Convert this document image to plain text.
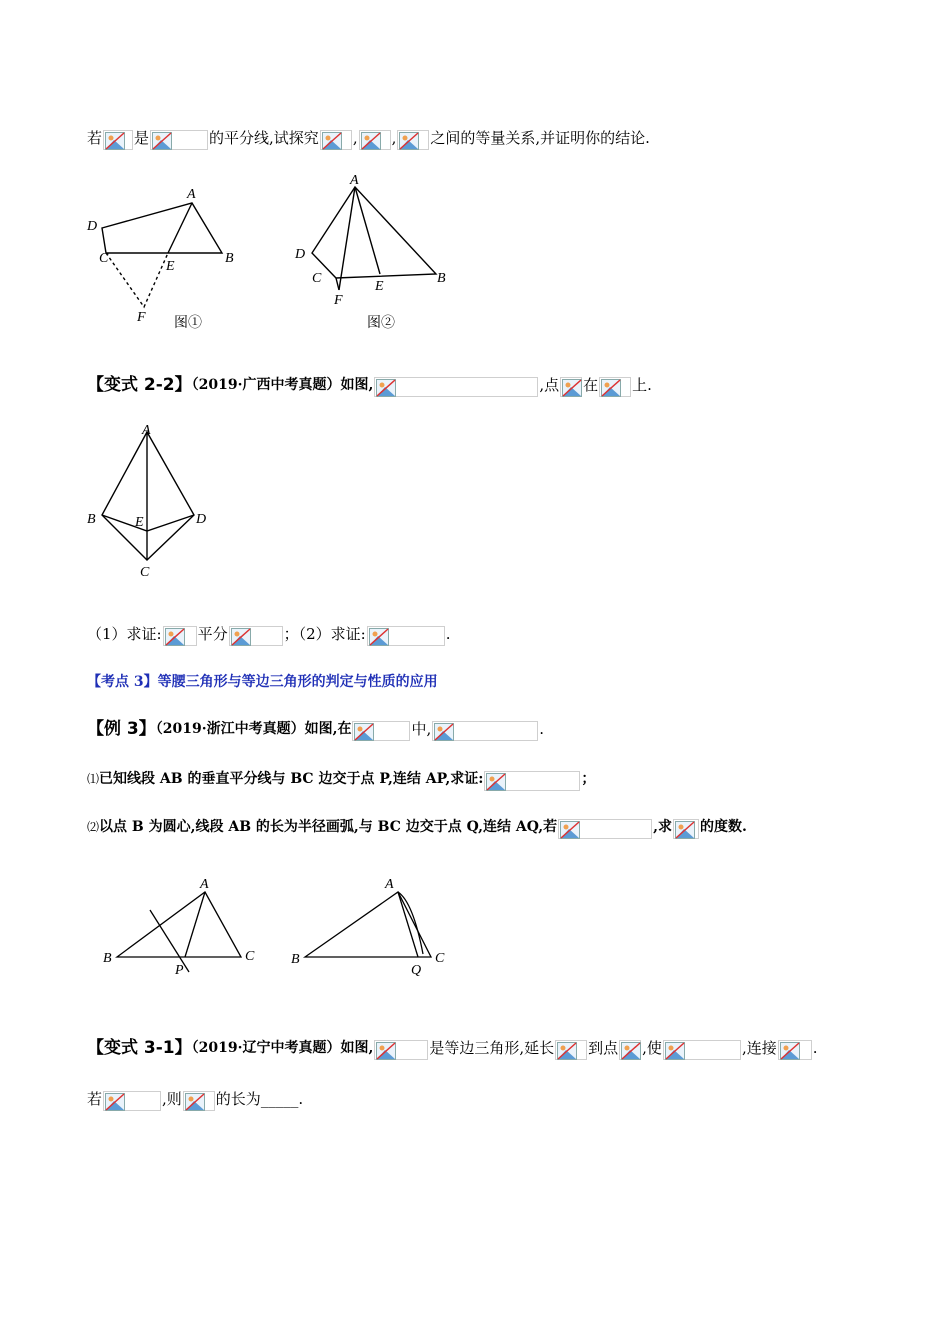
若 是	的平分线,试探究 , , 之间的等量关系,并证明你的结论.
A
B
C
D
E
F
A
B
C
D
E
F
图①	图②
【变式 2-2】（2019·广西中考真题）如图,	,点 在 上.
A
B
C
D
E
（1）求证: 平分	；（2）求证:	.
【考点 3】等腰三角形与等边三角形的判定与性质的应用
【例 3】（2019·浙江中考真题）如图,在	中,	.
⑴已知线段 AB 的垂直平分线与 BC 边交于点 P,连结 AP,求证:	；
⑵以点 B 为圆心,线段 AB 的长为半径画弧,与 BC 边交于点 Q,连结 AQ,若	,求 的度数.
A
B	C
P
A
B	C
Q
【变式 3-1】（2019·辽宁中考真题）如图,	是等边三角形,延长 到点 ,使	,连接 .
若	,则 的长为_____.
